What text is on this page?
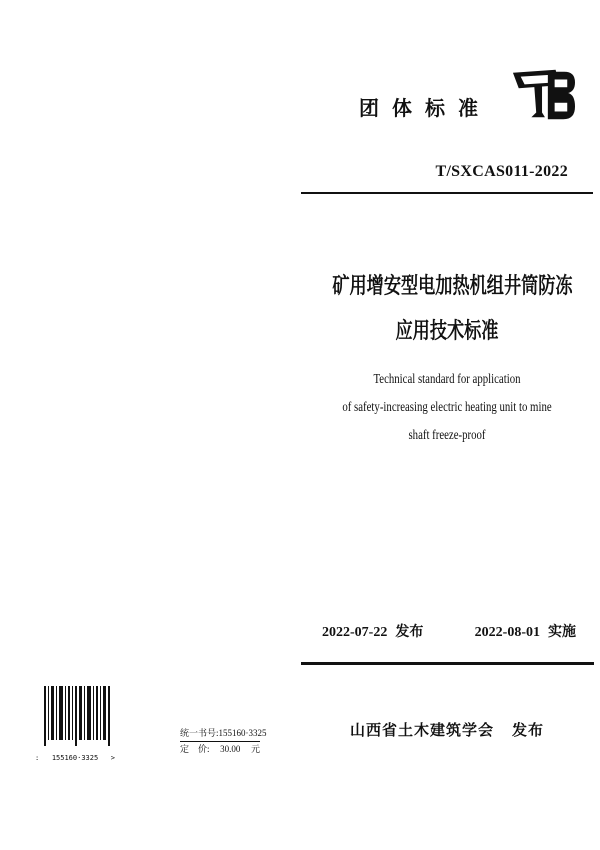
团体标准
T/SXCAS011-2022
矿用增安型电加热机组井筒防冻
应用技术标准
Technical standard for application
of safety-increasing electric heating unit to mine
shaft freeze-proof
2022-07-22 发布	2022-08-01 实施
: 155160·3325 >
统一书号: 155160·3325
定　价: 30.00 元
山西省土木建筑学会 发布
